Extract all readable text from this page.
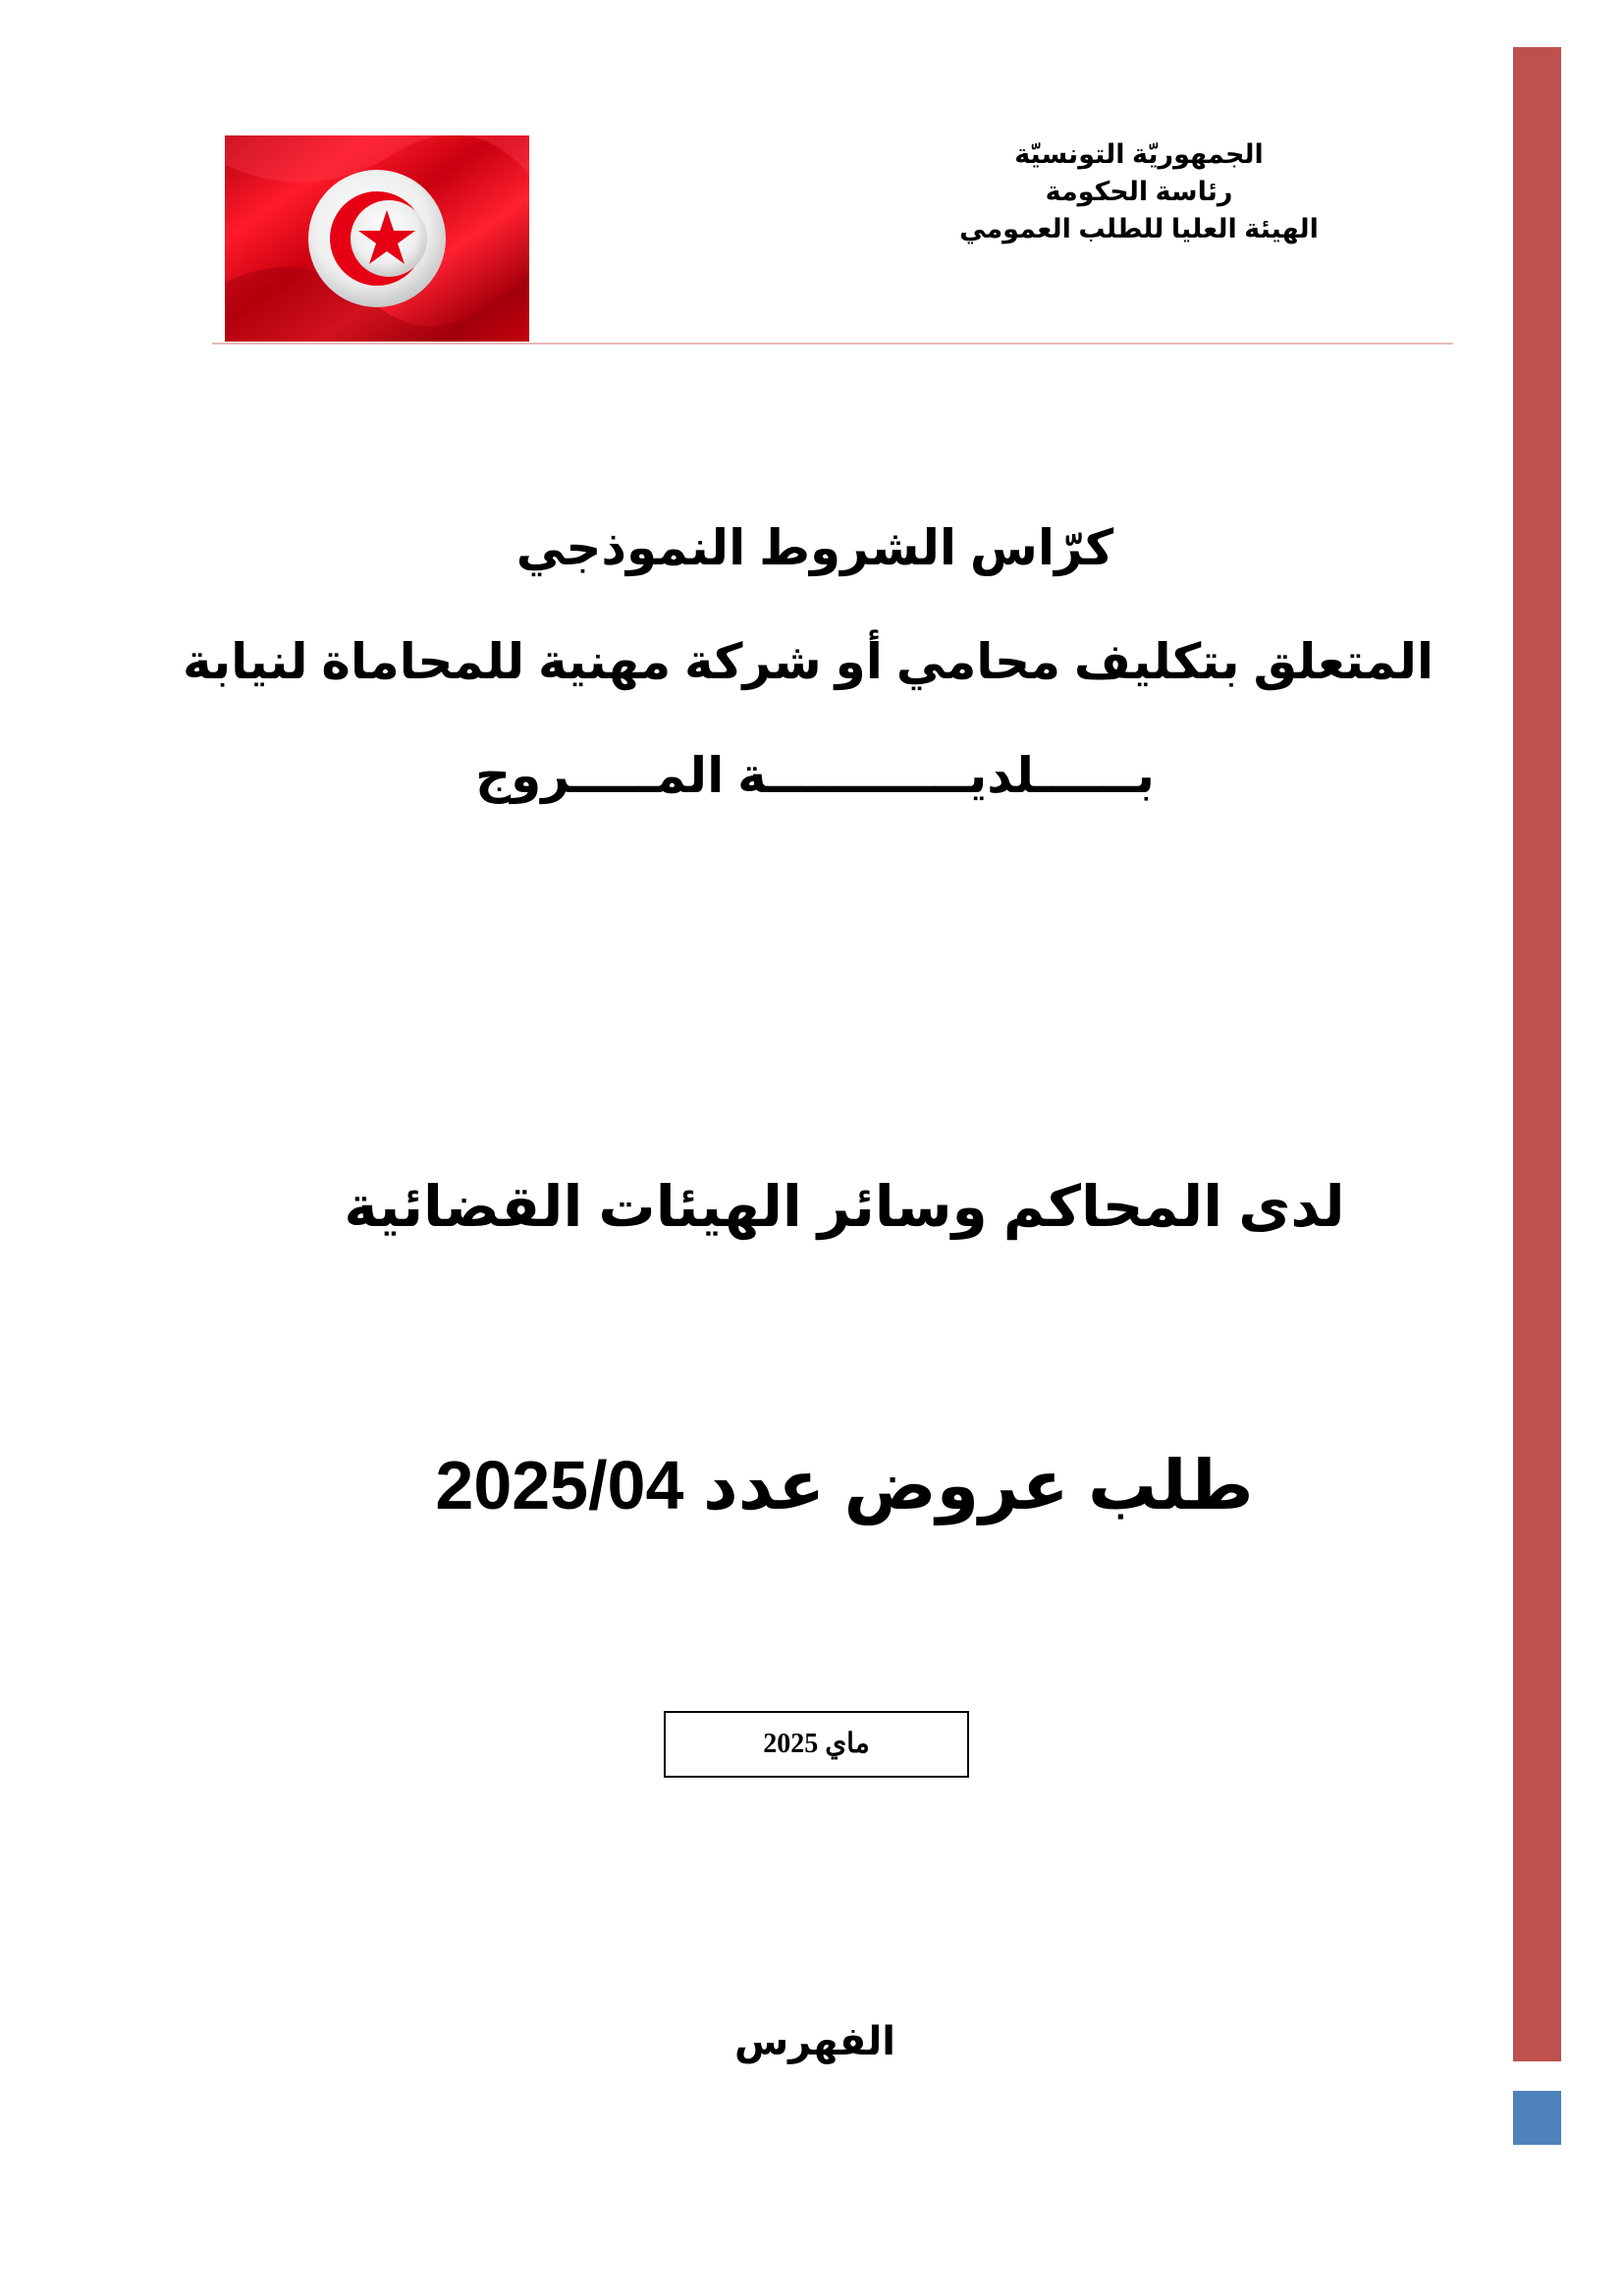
الجمهوريّة التونسيّة
رئاسة الحكومة
الهيئة العليا للطلب العمومي
كرّاس الشروط النموذجي
المتعلق بتكليف محامي أو شركة مهنية للمحاماة لنيابة
بــــــلديــــــــــــة المـــــروج
لدى المحاكم وسائر الهيئات القضائية
طلب عروض عدد 2025/04
ماي 2025
الفهرس
